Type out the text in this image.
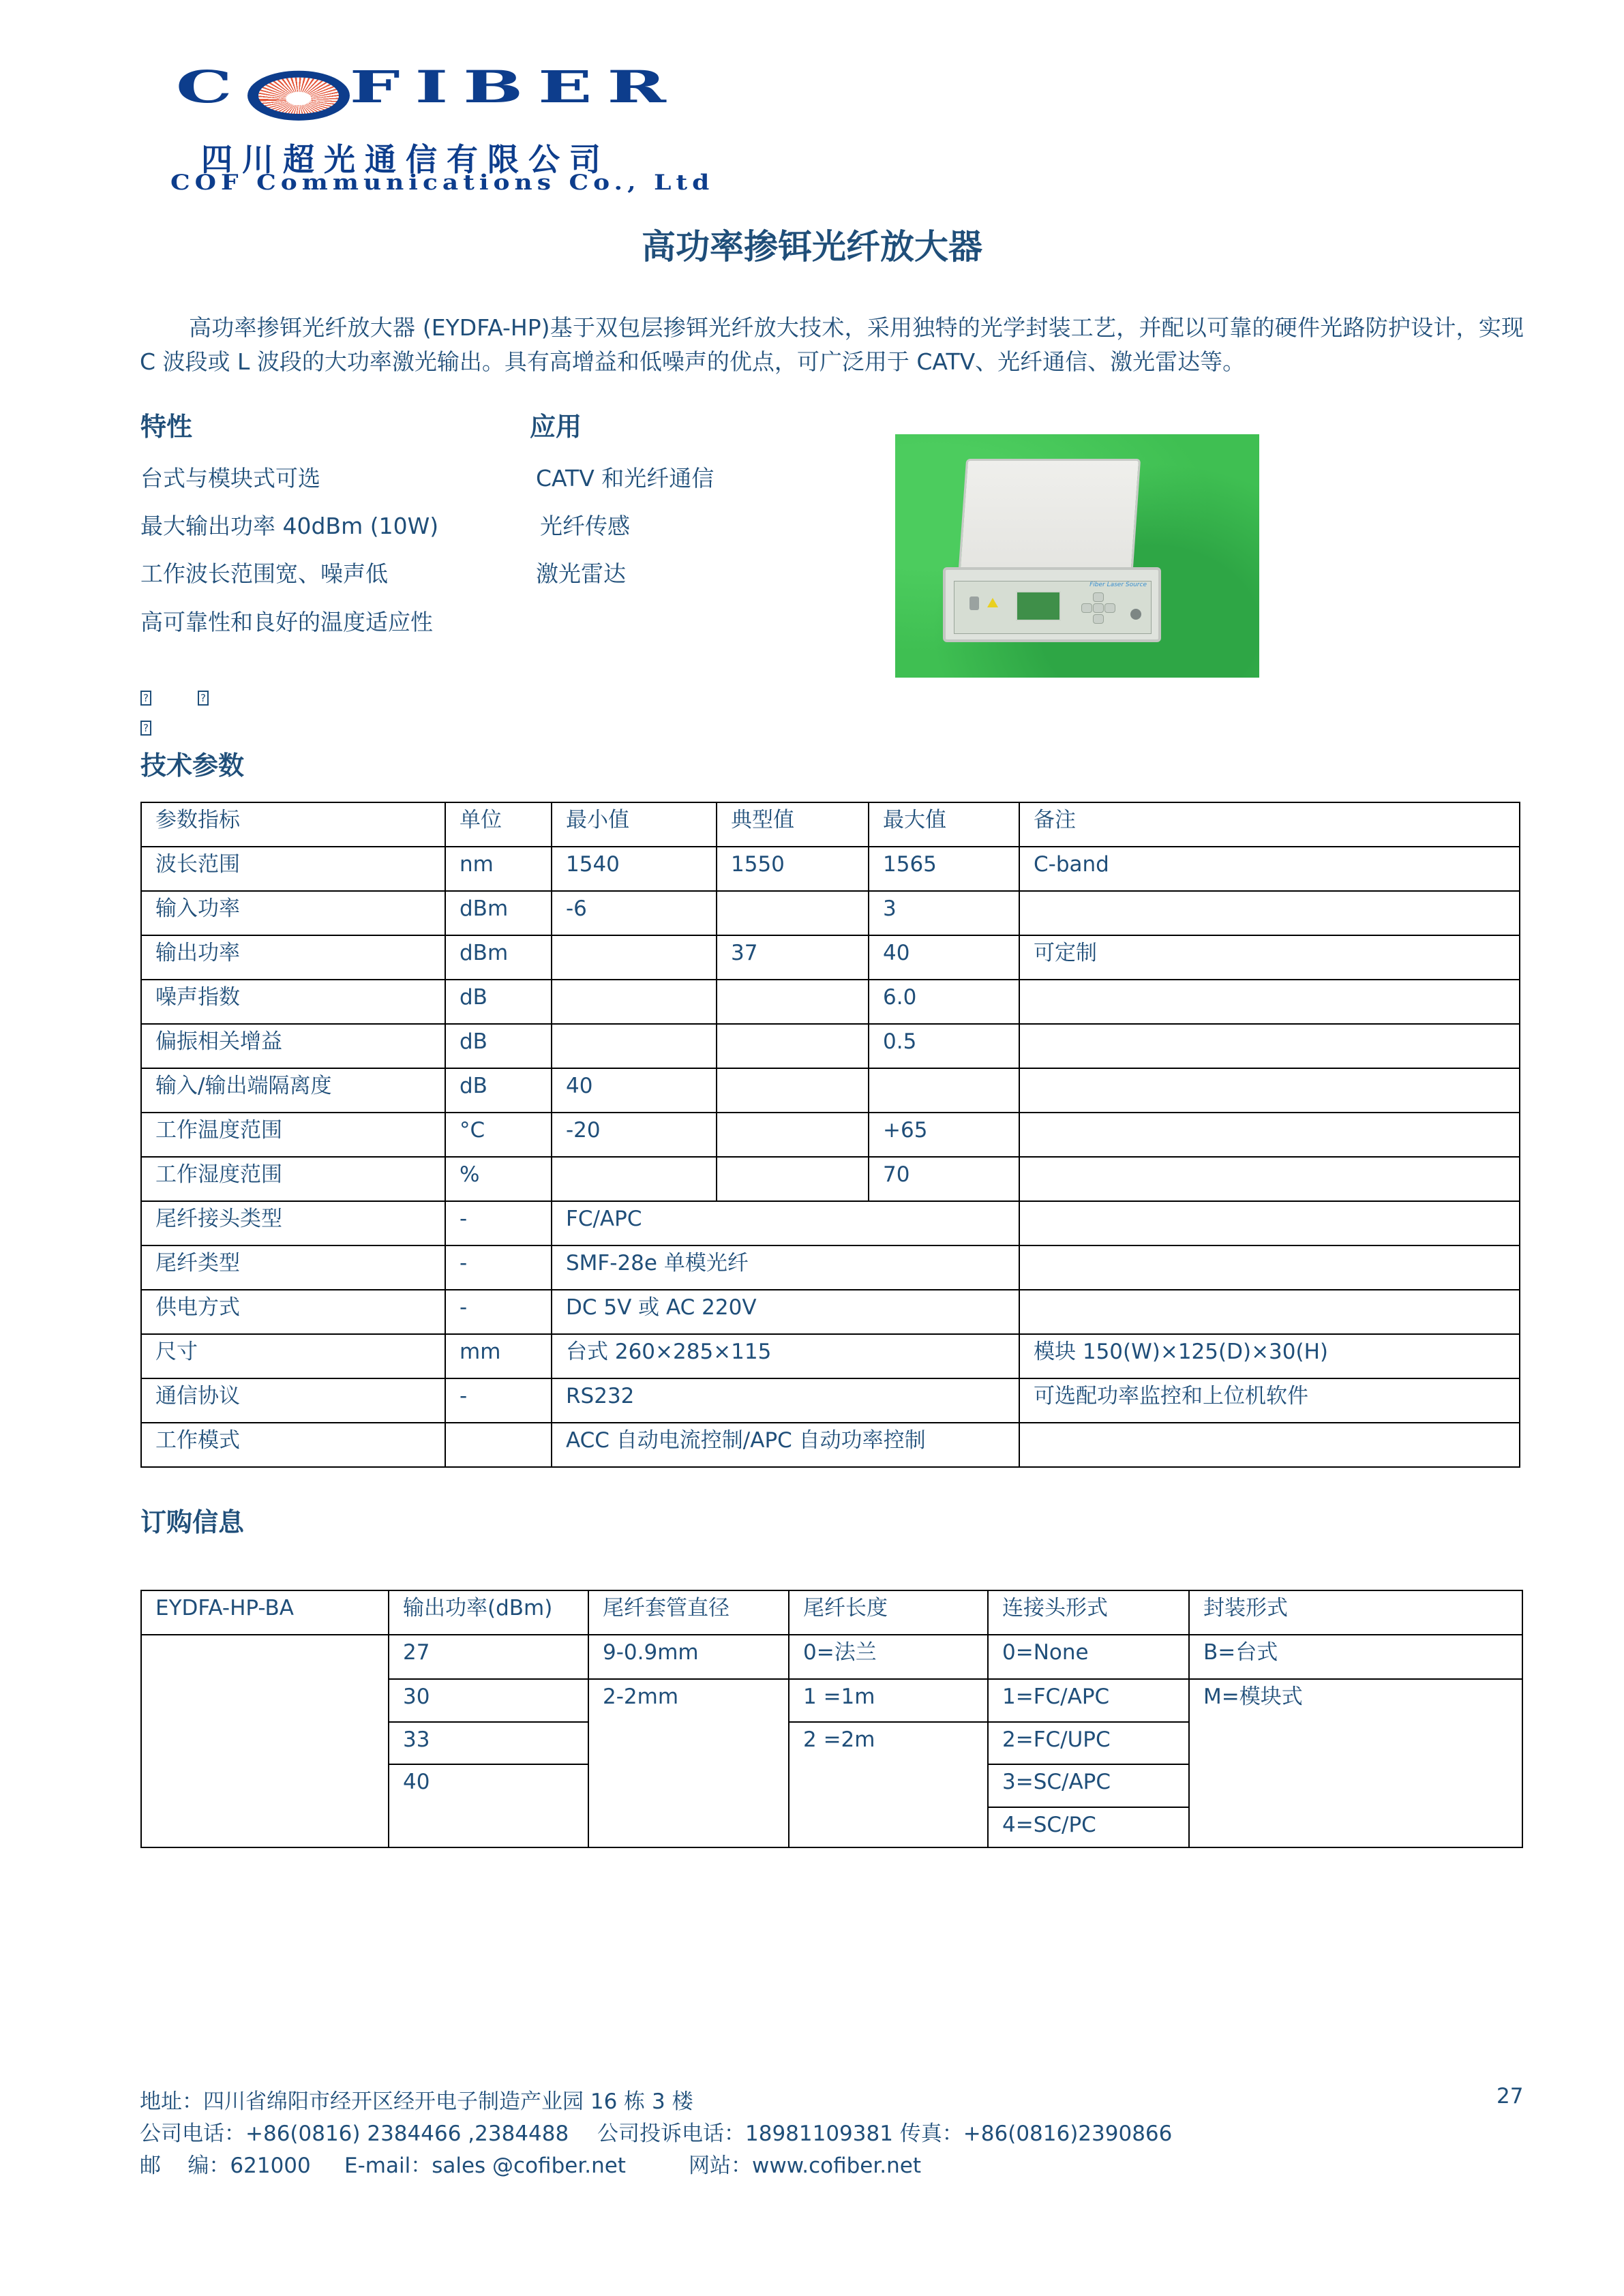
C FIBER
四川超光通信有限公司
COF Communications Co., Ltd
高功率掺铒光纤放大器
高功率掺铒光纤放大器 (EYDFA-HP)基于双包层掺铒光纤放大技术，采用独特的光学封装工艺，并配以可靠的硬件光路防护设计，实现 C 波段或 L 波段的大功率激光输出。具有高增益和低噪声的优点，可广泛用于 CATV、光纤通信、激光雷达等。
特性
台式与模块式可选
最大输出功率 40dBm (10W)
工作波长范围宽、噪声低
高可靠性和良好的温度适应性
应用
CATV 和光纤通信
光纤传感
激光雷达	Fiber Laser Source
?	?
?
技术参数
参数指标	单位	最小值	典型值	最大值	备注
波长范围	nm	1540	1550	1565	C-band
输入功率	dBm	-6		3	
输出功率	dBm		37	40	可定制
噪声指数	dB			6.0	
偏振相关增益	dB			0.5	
输入/输出端隔离度	dB	40			
工作温度范围	°C	-20		+65	
工作湿度范围	%			70	
尾纤接头类型	-	FC/APC			
尾纤类型	-	SMF-28e 单模光纤			
供电方式	-	DC 5V 或 AC 220V			
尺寸	mm	台式 260×285×115			模块 150(W)×125(D)×30(H)
通信协议	-	RS232			可选配功率监控和上位机软件
工作模式		ACC 自动电流控制/APC 自动功率控制			
订购信息
EYDFA-HP-BA	输出功率(dBm)	尾纤套管直径	尾纤长度	连接头形式	封装形式
	27	9-0.9mm	0=法兰	0=None	B=台式
	30	2-2mm	1 =1m	1=FC/APC	M=模块式
	33		2 =2m	2=FC/UPC	
	40			3=SC/APC	
				4=SC/PC	
地址：四川省绵阳市经开区经开电子制造产业园 16 栋 3 楼	27
公司电话：+86(0816) 2384466 ,2384488 公司投诉电话：18981109381 传真：+86(0816)2390866
邮    编：621000 E-mail：sales @cofiber.net	网站：www.cofiber.net
